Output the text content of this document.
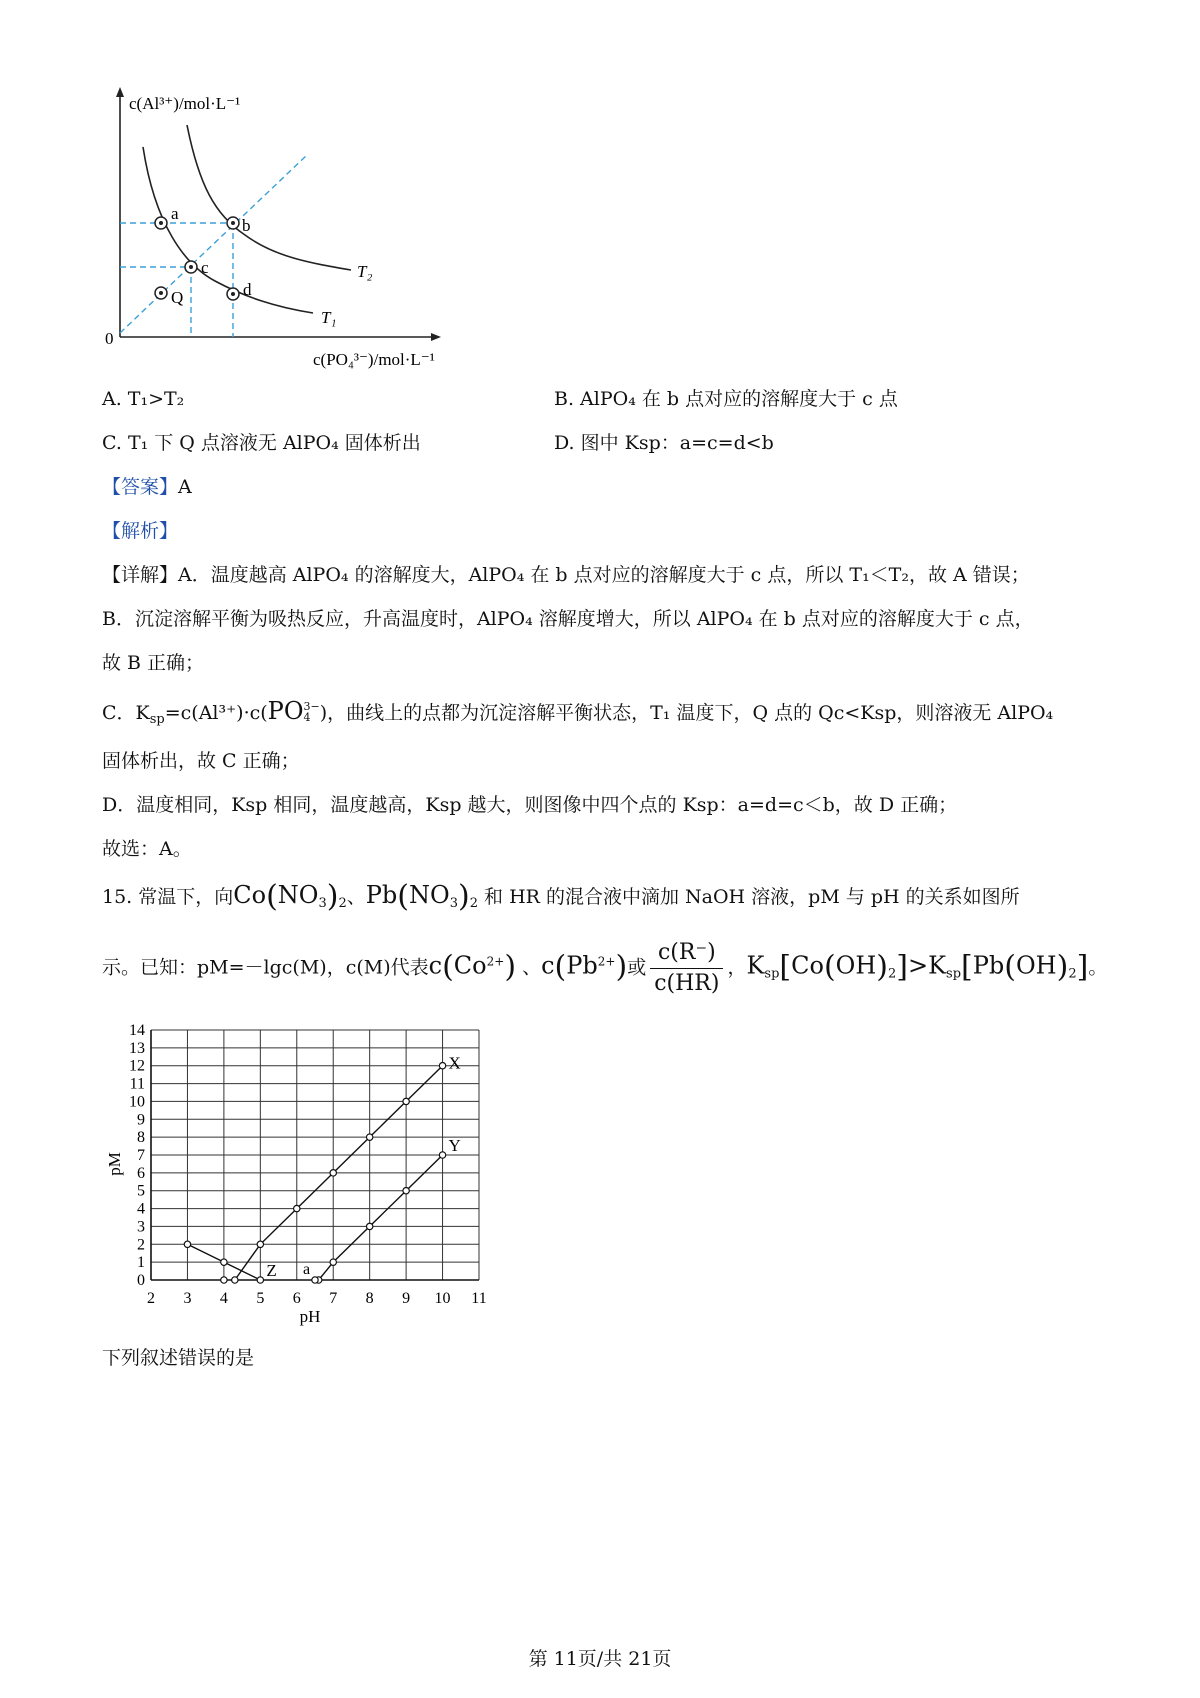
0
c(Al³⁺)/mol·L⁻¹
c(PO₄³⁻)/mol·L⁻¹
T₂
T₁
a
b
c
d
Q
A. T₁>T₂	B. AlPO₄ 在 b 点对应的溶解度大于 c 点
C. T₁ 下 Q 点溶液无 AlPO₄ 固体析出	D. 图中 Ksp：a=c=d<b
【答案】A
【解析】
【详解】A．温度越高 AlPO₄ 的溶解度大，AlPO₄ 在 b 点对应的溶解度大于 c 点，所以 T₁＜T₂，故 A 错误；
B．沉淀溶解平衡为吸热反应，升高温度时，AlPO₄ 溶解度增大，所以 AlPO₄ 在 b 点对应的溶解度大于 c 点，
故 B 正确；
C．$K_{sp}=c(Al^{3+})\cdot c(PO$ 3−
4 )，曲线上的点都为沉淀溶解平衡状态，T₁ 温度下，Q 点的 Qc<Ksp，则溶液无 AlPO₄
固体析出，故 C 正确；
D．温度相同，Ksp 相同，温度越高，Ksp 越大，则图像中四个点的 Ksp：a=d=c＜b，故 D 正确；
故选：A。
15. 常温下，向$Co(NO_3)_2$、$Pb(NO_3)_2$ 和 HR 的混合液中滴加 NaOH 溶液，pM 与 pH 的关系如图所
示。已知：pM=－lgc(M)，c(M)代表$c(Co^{2+})$ 、$c(Pb^{2+})$或 $\frac{c(R^-)}{c(HR)}$ ，$K_{sp}[Co(OH)_2]>K_{sp}[Pb(OH)_2]$。
2 3 4 5 6 7 8 9 10 11
0
1
2
3
4
5
6
7
8
9
10
11
12
13
14
pH
pM
X
Y
a
Z
下列叙述错误的是
第 11页/共 21页
